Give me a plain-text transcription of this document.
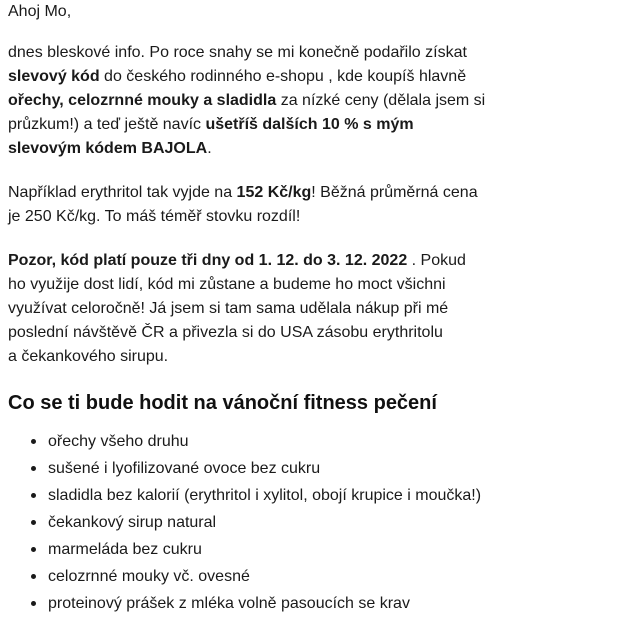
Ahoj Mo,

dnes bleskové info. Po roce snahy se mi konečně podařilo získat
slevový kód do českého rodinného e-shopu , kde koupíš hlavně
ořechy, celozrnné mouky a sladidla za nízké ceny (dělala jsem si
průzkum!) a teď ještě navíc ušetříš dalších 10 % s mým
slevovým kódem BAJOLA.

Například erythritol tak vyjde na 152 Kč/kg! Běžná průměrná cena
je 250 Kč/kg. To máš téměř stovku rozdíl!

Pozor, kód platí pouze tři dny od 1. 12. do 3. 12. 2022 . Pokud
ho využije dost lidí, kód mi zůstane a budeme ho moct všichni
využívat celoročně! Já jsem si tam sama udělala nákup při mé
poslední návštěvě ČR a přivezla si do USA zásobu erythritolu
a čekankového sirupu.

Co se ti bude hodit na vánoční fitness pečení
ořechy všeho druhu
sušené i lyofilizované ovoce bez cukru
sladidla bez kalorií (erythritol i xylitol, obojí krupice i moučka!)
čekankový sirup natural
marmeláda bez cukru
celozrnné mouky vč. ovesné
proteinový prášek z mléka volně pasoucích se krav
